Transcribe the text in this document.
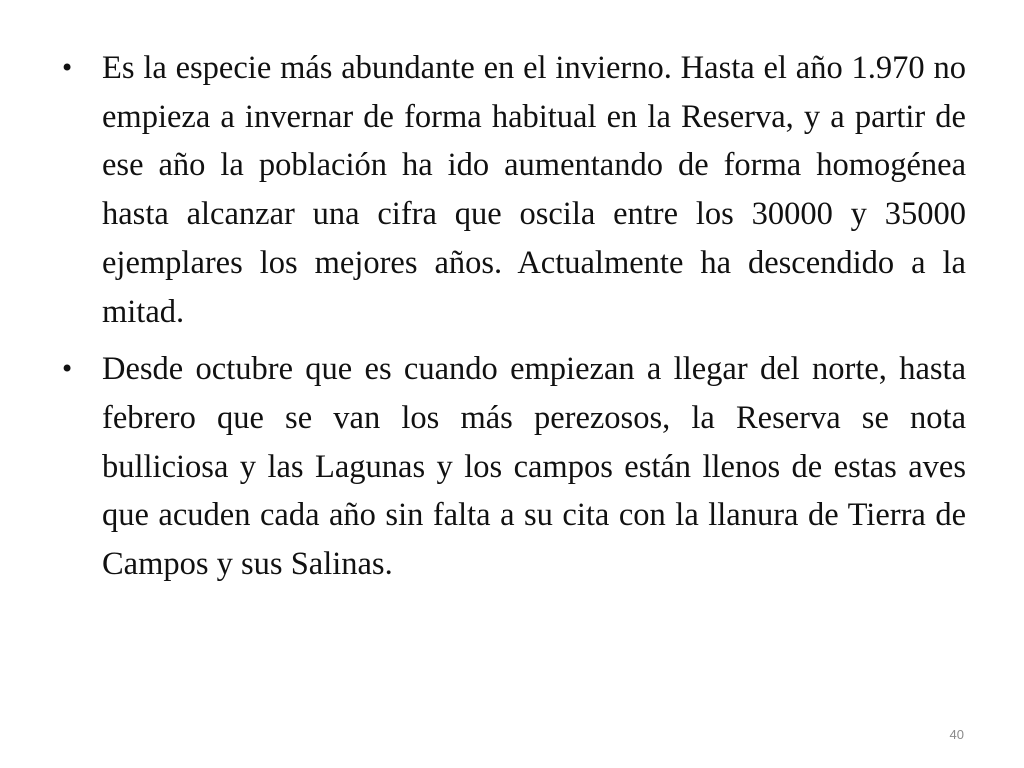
• Es la especie más abundante en el invierno. Hasta el año 1.970 no empieza a invernar de forma habitual en la Reserva, y a partir de ese año la población ha ido aumentando de forma homogénea hasta alcanzar una cifra que oscila entre los 30000 y 35000 ejemplares los mejores años. Actualmente ha descendido a la mitad.
• Desde octubre que es cuando empiezan a llegar del norte, hasta febrero que se van los más perezosos, la Reserva se nota bulliciosa y las Lagunas y los campos están llenos de estas aves que acuden cada año sin falta a su cita con la llanura de Tierra de Campos y sus Salinas.
40
